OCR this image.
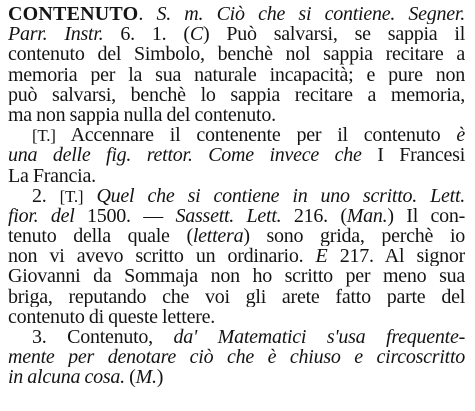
CONTENUTO. S. m. Ciò che si contiene. Segner.
Parr. Instr. 6. 1. (C) Può salvarsi, se sappia il
contenuto del Simbolo, benchè nol sappia recitare a
memoria per la sua naturale incapacità; e pure non
può salvarsi, benchè lo sappia recitare a memoria,
ma non sappia nulla del contenuto.
[T.] Accennare il contenente per il contenuto è
una delle fig. rettor. Come invece che I Francesi
La Francia.
2. [T.] Quel che si contiene in uno scritto. Lett.
fior. del 1500. — Sassett. Lett. 216. (Man.) Il con-
tenuto della quale (lettera) sono grida, perchè io
non vi avevo scritto un ordinario. E 217. Al signor
Giovanni da Sommaja non ho scritto per meno sua
briga, reputando che voi gli arete fatto parte del
contenuto di queste lettere.
3. Contenuto, da' Matematici s'usa frequente-
mente per denotare ciò che è chiuso e circoscritto
in alcuna cosa. (M.)
